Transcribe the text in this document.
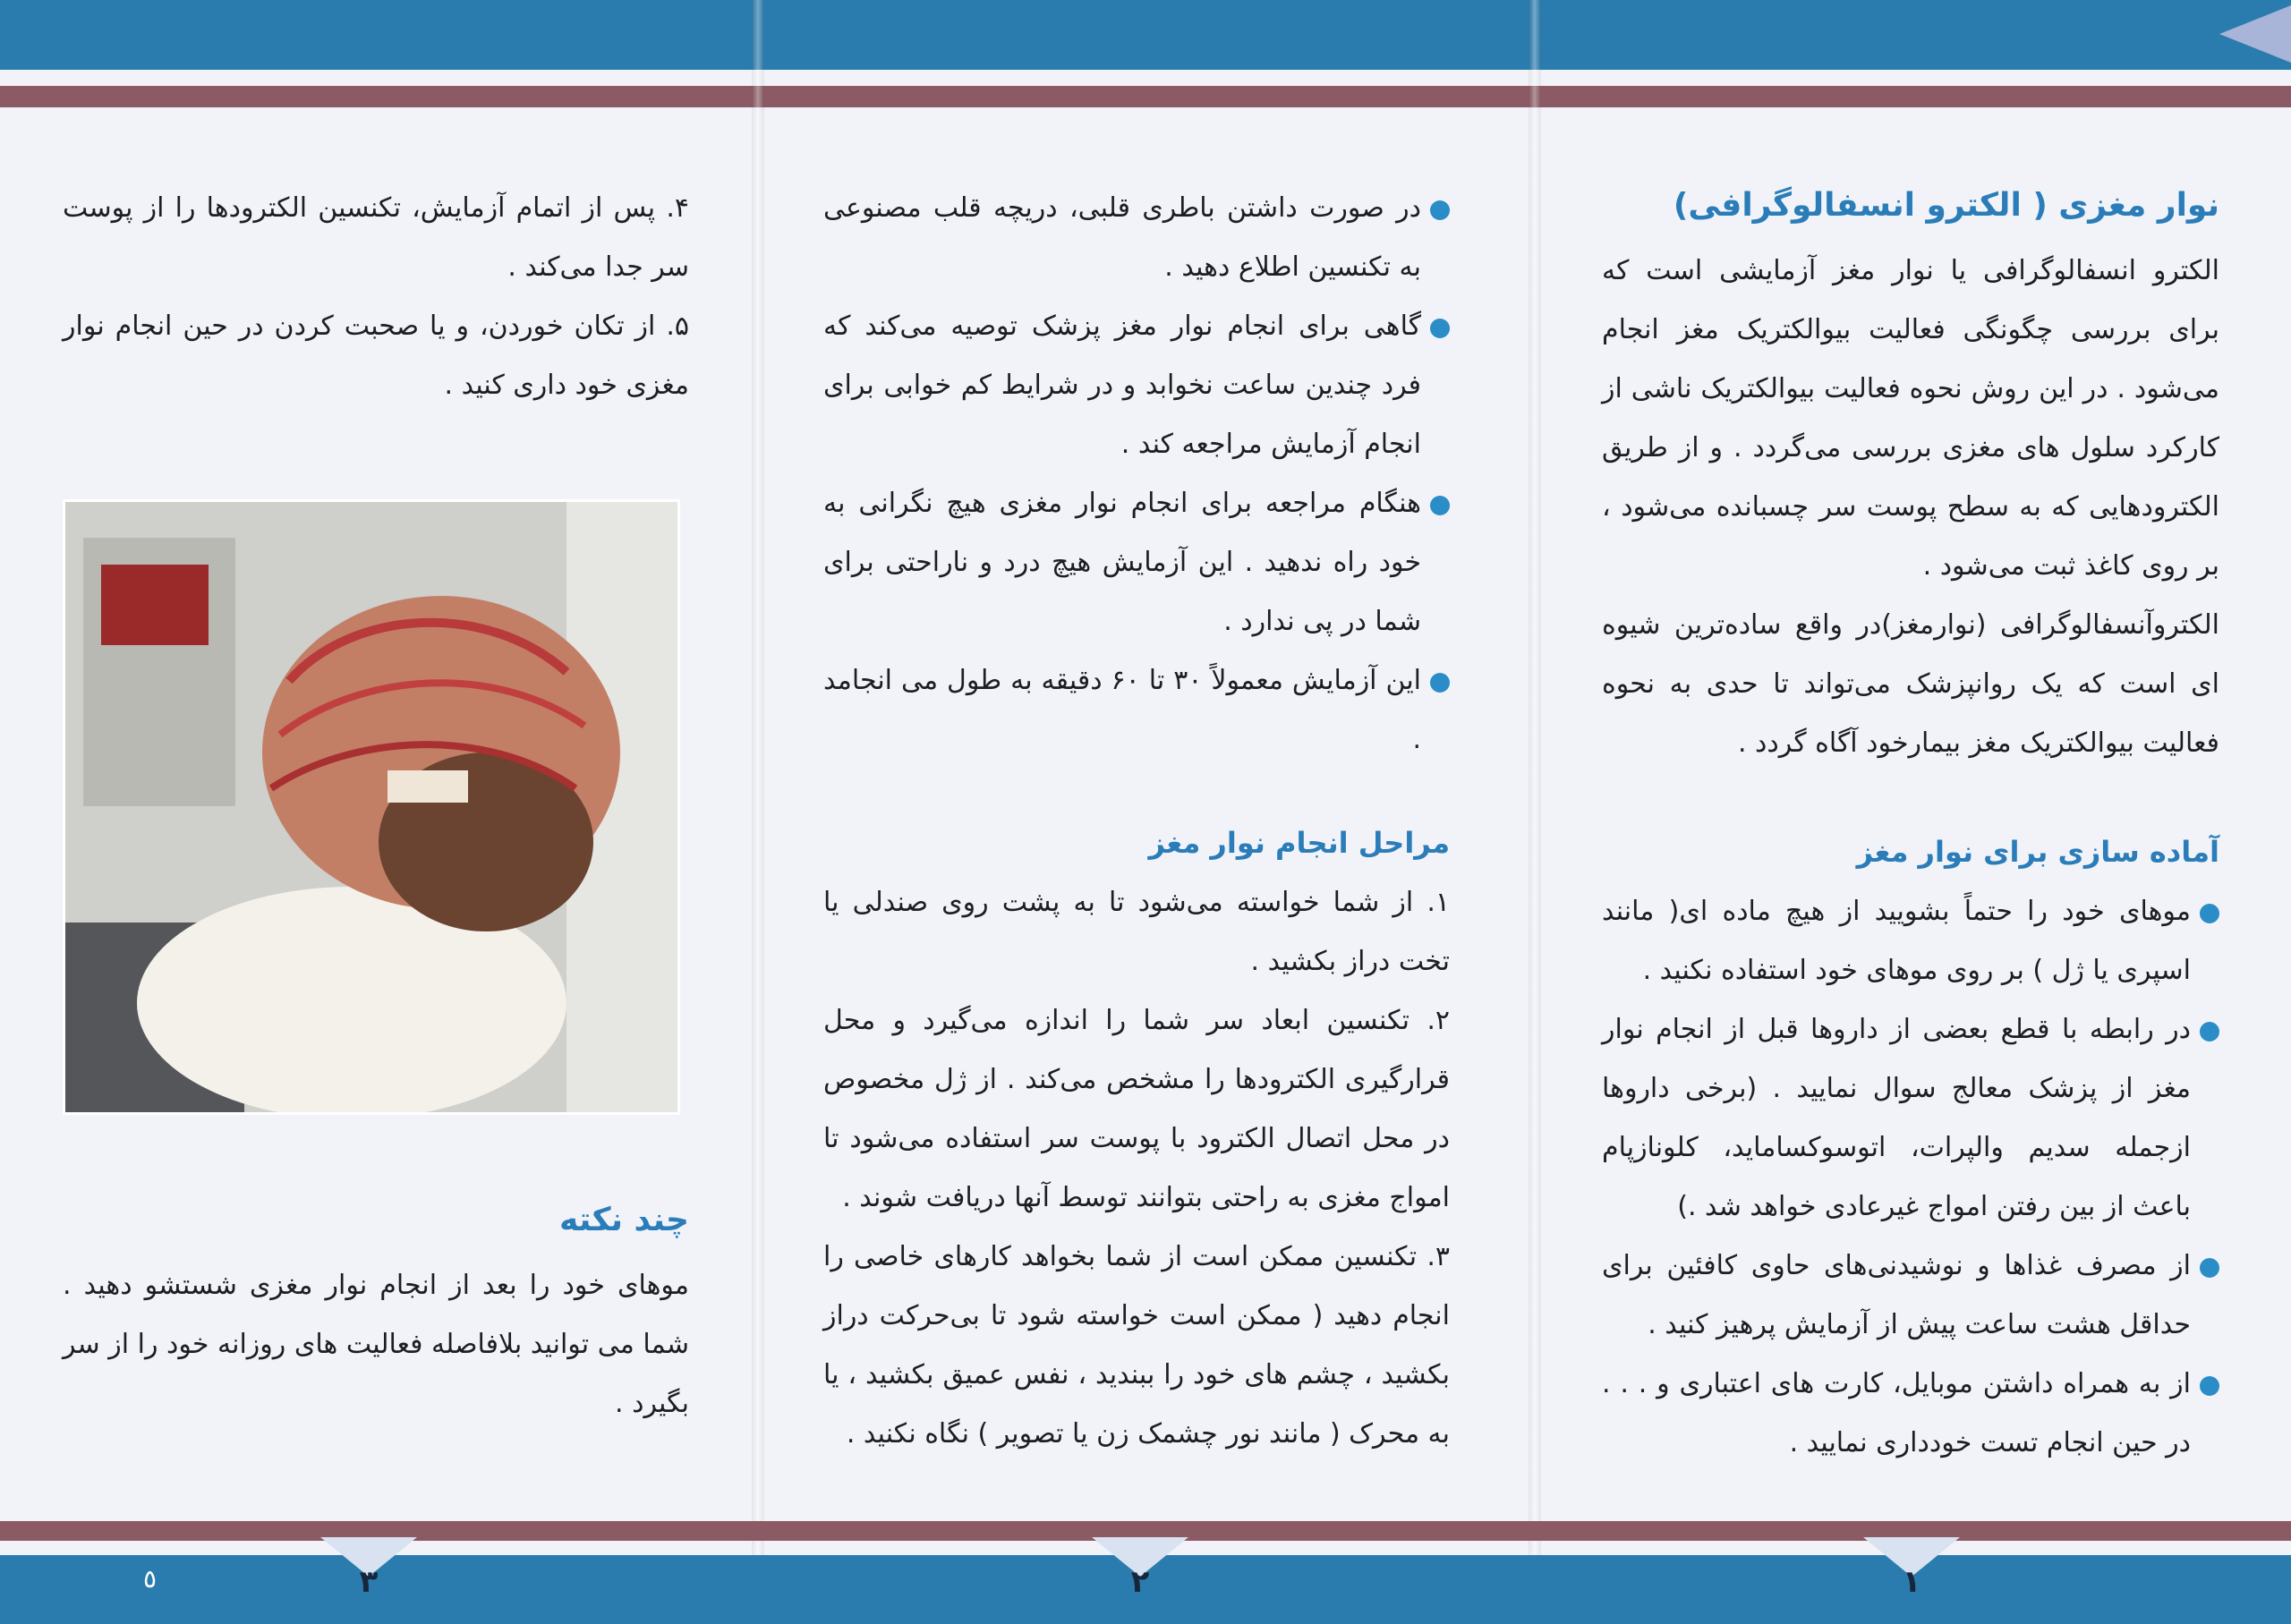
نوار مغزی ( الکترو انسفالوگرافی)

الکترو انسفالوگرافی یا نوار مغز آزمایشی است که برای بررسی چگونگی فعالیت بیوالکتریک مغز انجام می‌شود . در این روش نحوه فعالیت بیوالکتریک ناشی از کارکرد سلول های مغزی بررسی می‌گردد . و از طریق الکترودهایی که به سطح پوست سر چسبانده می‌شود ، بر روی کاغذ ثبت می‌شود .

الکتروآنسفالوگرافی (نوارمغز)در واقع ساده‌ترین شیوه ای است که یک روانپزشک می‌تواند تا حدی به نحوه فعالیت بیوالکتریک مغز بیمارخود آگاه گردد .

آماده سازی برای نوار مغز
موهای خود را حتماً بشویید از هیچ ماده ای( مانند اسپری یا ژل ) بر روی موهای خود استفاده نکنید .
در رابطه با قطع بعضی از داروها قبل از انجام نوار مغز از پزشک معالج سوال نمایید . (برخی داروها ازجمله سدیم والپرات، اتوسوکساماید، کلونازپام باعث از بین رفتن امواج غیرعادی خواهد شد .)
از مصرف غذاها و نوشیدنی‌های حاوی کافئین برای حداقل هشت ساعت پیش از آزمایش پرهیز کنید .
از به همراه داشتن موبایل، کارت های اعتباری و . . . در حین انجام تست خودداری نمایید .
در صورت داشتن باطری قلبی، دریچه قلب مصنوعی به تکنسین اطلاع دهید .
گاهی برای انجام نوار مغز پزشک توصیه می‌کند که فرد چندین ساعت نخوابد و در شرایط کم خوابی برای انجام آزمایش مراجعه کند .
هنگام مراجعه برای انجام نوار مغزی هیچ نگرانی به خود راه ندهید . این آزمایش هیچ درد و ناراحتی برای شما در پی ندارد .
این آزمایش معمولاً ۳۰ تا ۶۰ دقیقه به طول می انجامد .
مراحل انجام نوار مغز

۱. از شما خواسته می‌شود تا به پشت روی صندلی یا تخت دراز بکشید .

۲. تکنسین ابعاد سر شما را اندازه می‌گیرد و محل قرارگیری الکترودها را مشخص می‌کند . از ژل مخصوص در محل اتصال الکترود با پوست سر استفاده می‌شود تا امواج مغزی به راحتی بتوانند توسط آنها دریافت شوند .

۳. تکنسین ممکن است از شما بخواهد کارهای خاصی را انجام دهید ( ممکن است خواسته شود تا بی‌حرکت دراز بکشید ، چشم های خود را ببندید ، نفس عمیق بکشید ، یا به محرک ( مانند نور چشمک زن یا تصویر ) نگاه نکنید .

۴. پس از اتمام آزمایش، تکنسین الکترودها را از پوست سر جدا می‌کند .

۵. از تکان خوردن، و یا صحبت کردن در حین انجام نوار مغزی خود داری کنید .

چند نکته

موهای خود را بعد از انجام نوار مغزی شستشو دهید . شما می توانید بلافاصله فعالیت های روزانه خود را از سر بگیرد .

۳	۲	۱
٥
